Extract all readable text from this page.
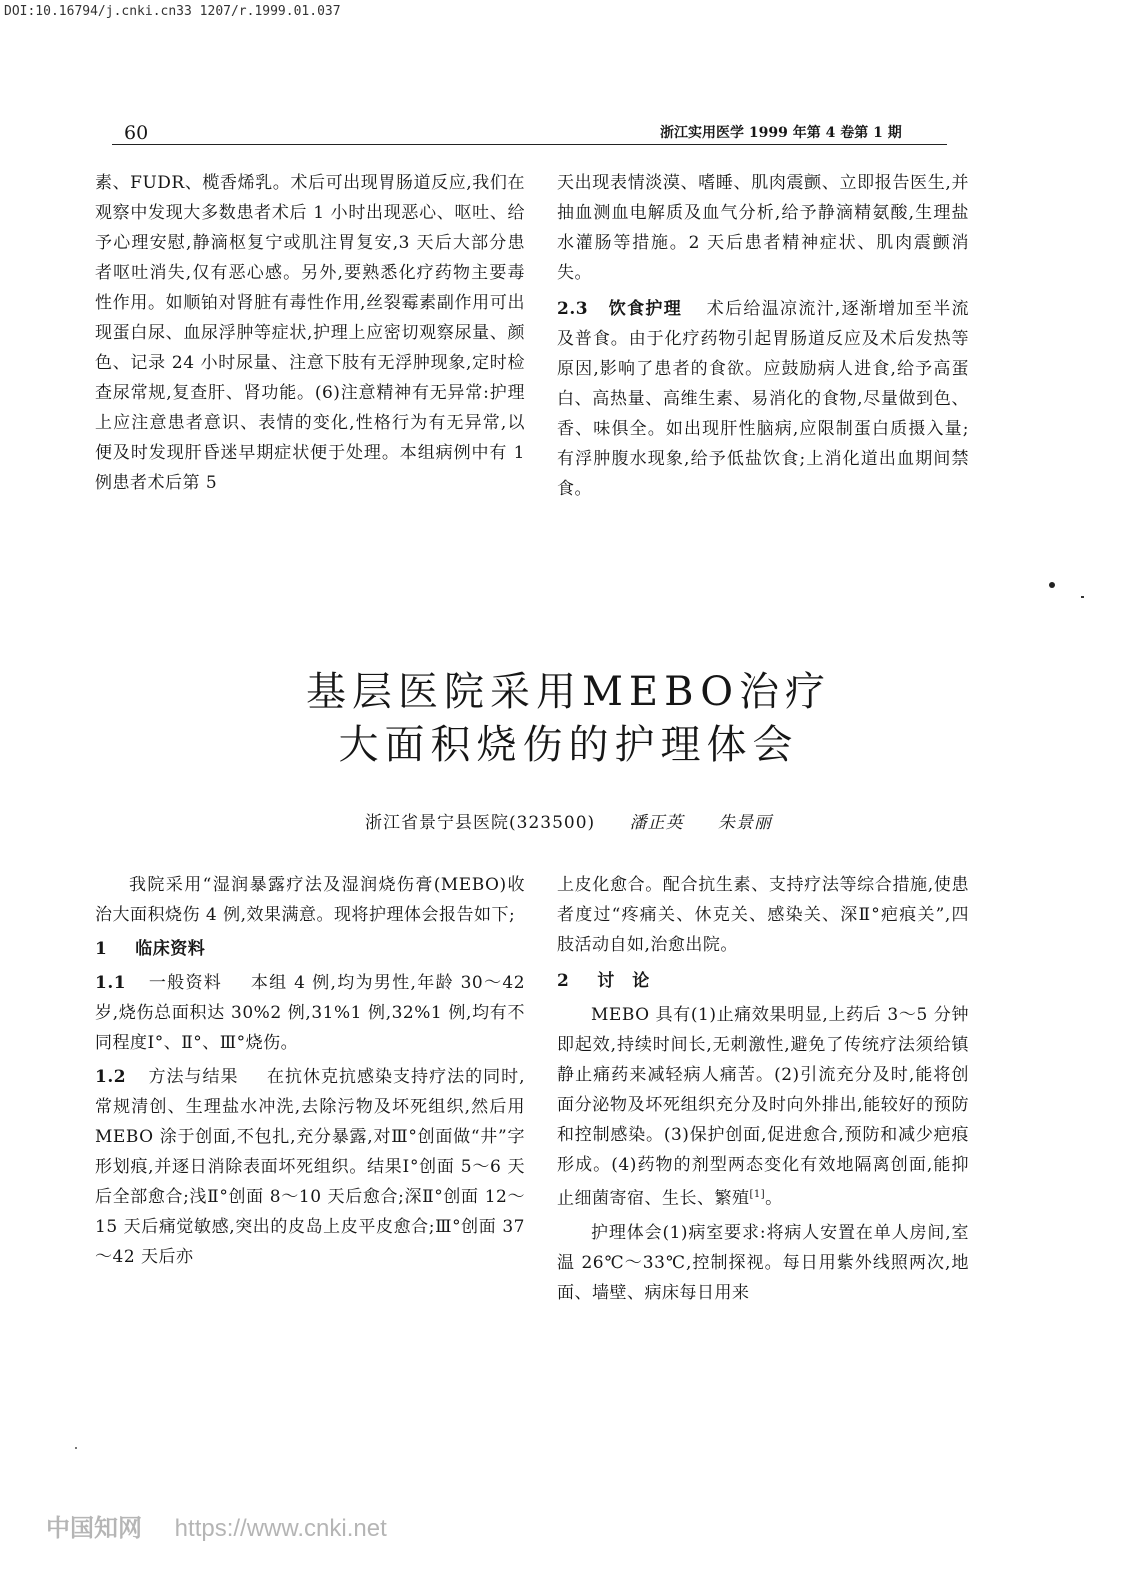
DOI:10.16794/j.cnki.cn33 1207/r.1999.01.037
60	浙江实用医学 1999 年第 4 卷第 1 期

素、FUDR、榄香烯乳。术后可出现胃肠道反应,我们在观察中发现大多数患者术后 1 小时出现恶心、呕吐、给予心理安慰,静滴枢复宁或肌注胃复安,3 天后大部分患者呕吐消失,仅有恶心感。另外,要熟悉化疗药物主要毒性作用。如顺铂对肾脏有毒性作用,丝裂霉素副作用可出现蛋白尿、血尿浮肿等症状,护理上应密切观察尿量、颜色、记录 24 小时尿量、注意下肢有无浮肿现象,定时检查尿常规,复查肝、肾功能。(6)注意精神有无异常:护理上应注意患者意识、表情的变化,性格行为有无异常,以便及时发现肝昏迷早期症状便于处理。本组病例中有 1 例患者术后第 5

天出现表情淡漠、嗜睡、肌肉震颤、立即报告医生,并抽血测血电解质及血气分析,给予静滴精氨酸,生理盐水灌肠等措施。2 天后患者精神症状、肌肉震颤消失。

2.3 饮食护理 术后给温凉流汁,逐渐增加至半流及普食。由于化疗药物引起胃肠道反应及术后发热等原因,影响了患者的食欲。应鼓励病人进食,给予高蛋白、高热量、高维生素、易消化的食物,尽量做到色、香、味俱全。如出现肝性脑病,应限制蛋白质摄入量;有浮肿腹水现象,给予低盐饮食;上消化道出血期间禁食。

基层医院采用MEBO治疗
大面积烧伤的护理体会
浙江省景宁县医院(323500) 潘正英 朱景丽

我院采用“湿润暴露疗法及湿润烧伤膏(MEBO)收治大面积烧伤 4 例,效果满意。现将护理体会报告如下;

1 临床资料

1.1 一般资料 本组 4 例,均为男性,年龄 30～42 岁,烧伤总面积达 30%2 例,31%1 例,32%1 例,均有不同程度Ⅰ°、Ⅱ°、Ⅲ°烧伤。

1.2 方法与结果 在抗休克抗感染支持疗法的同时,常规清创、生理盐水冲洗,去除污物及坏死组织,然后用 MEBO 涂于创面,不包扎,充分暴露,对Ⅲ°创面做“井”字形划痕,并逐日消除表面坏死组织。结果Ⅰ°创面 5～6 天后全部愈合;浅Ⅱ°创面 8～10 天后愈合;深Ⅱ°创面 12～15 天后痛觉敏感,突出的皮岛上皮平皮愈合;Ⅲ°创面 37～42 天后亦

上皮化愈合。配合抗生素、支持疗法等综合措施,使患者度过“疼痛关、休克关、感染关、深Ⅱ°疤痕关”,四肢活动自如,治愈出院。

2 讨　论

MEBO 具有(1)止痛效果明显,上药后 3～5 分钟即起效,持续时间长,无刺激性,避免了传统疗法须给镇静止痛药来减轻病人痛苦。(2)引流充分及时,能将创面分泌物及坏死组织充分及时向外排出,能较好的预防和控制感染。(3)保护创面,促进愈合,预防和减少疤痕形成。(4)药物的剂型两态变化有效地隔离创面,能抑止细菌寄宿、生长、繁殖[1]。

护理体会(1)病室要求:将病人安置在单人房间,室温 26℃～33℃,控制探视。每日用紫外线照两次,地面、墙壁、病床每日用来

中国知网 https://www.cnki.net
